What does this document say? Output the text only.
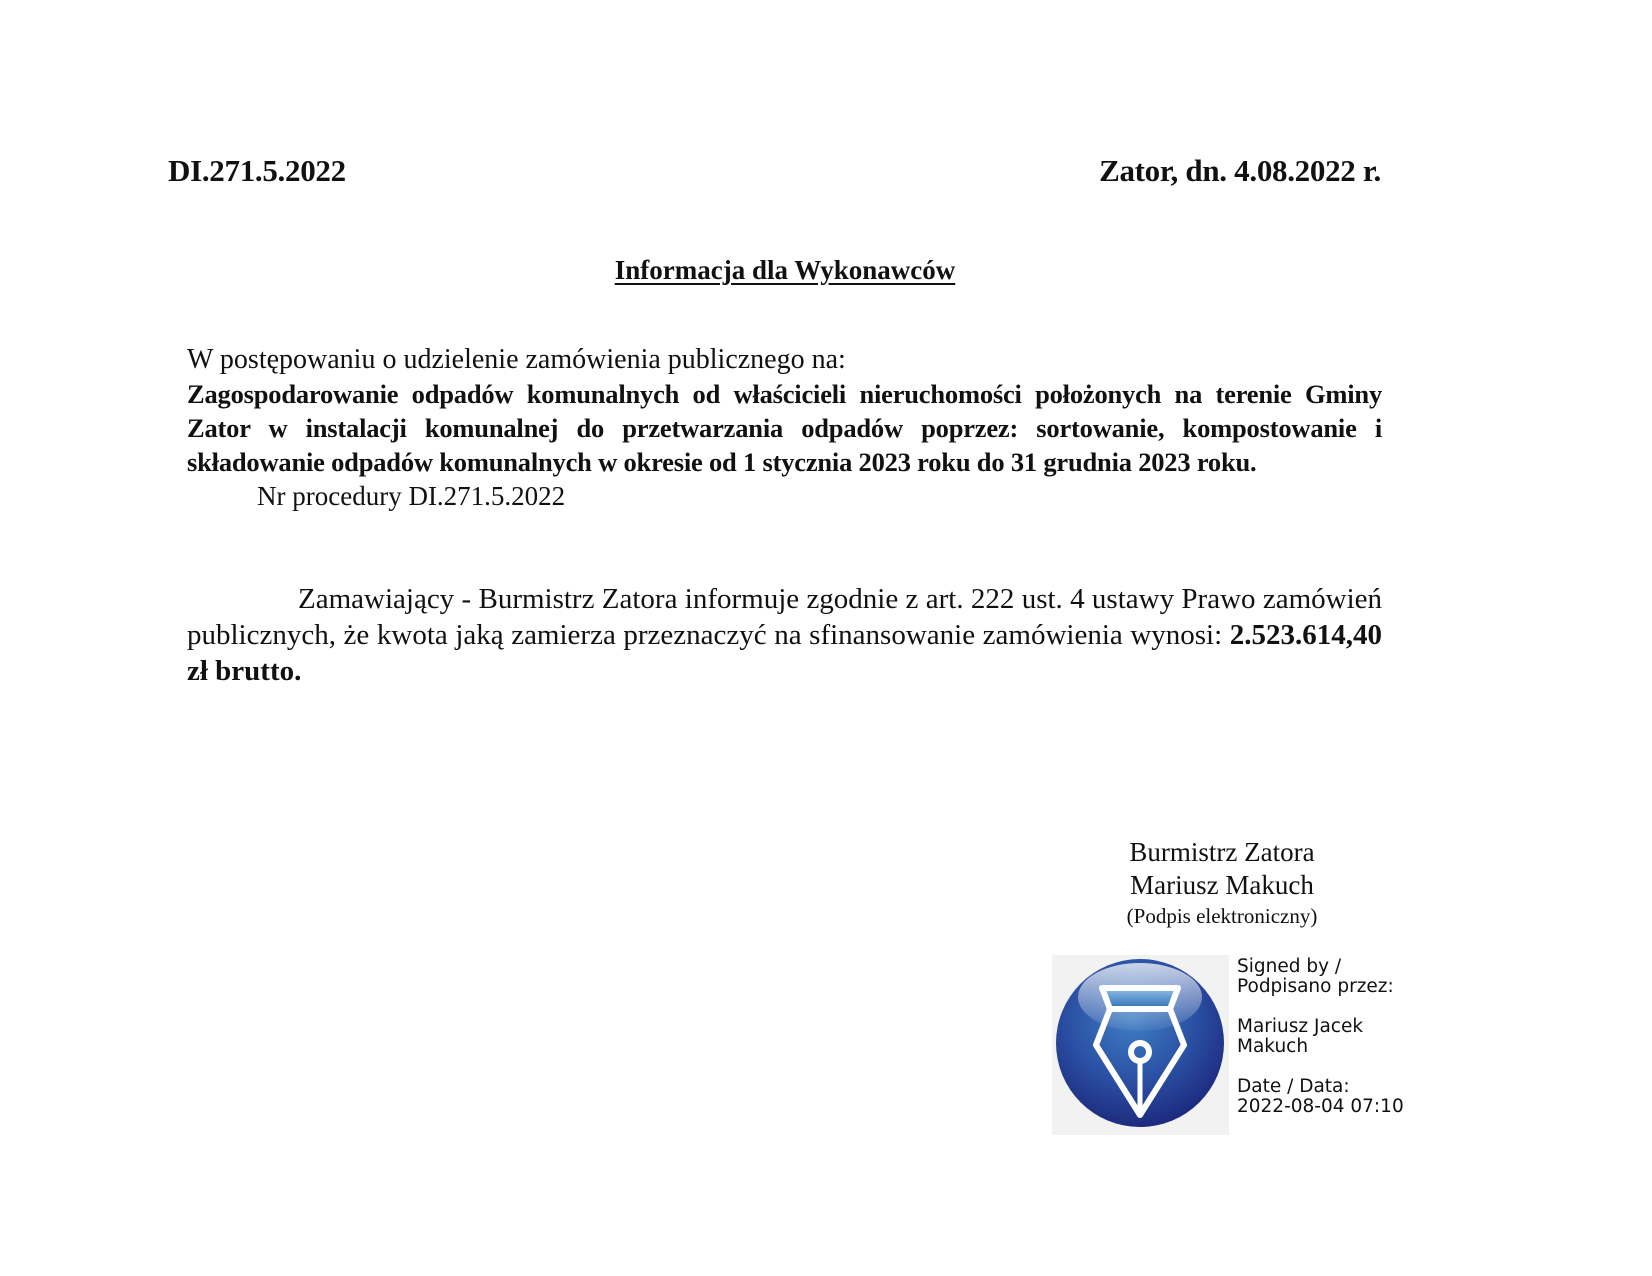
DI.271.5.2022	Zator, dn. 4.08.2022 r.
Informacja dla Wykonawców
W postępowaniu o udzielenie zamówienia publicznego na:
Zagospodarowanie odpadów komunalnych od właścicieli nieruchomości położonych na terenie Gminy Zator w instalacji komunalnej do przetwarzania odpadów poprzez: sortowanie, kompostowanie i składowanie odpadów komunalnych w okresie od 1 stycznia 2023 roku do 31 grudnia 2023 roku.
Nr procedury DI.271.5.2022
Zamawiający - Burmistrz Zatora informuje zgodnie z art. 222 ust. 4 ustawy Prawo zamówień publicznych, że kwota jaką zamierza przeznaczyć na sfinansowanie zamówienia wynosi: 2.523.614,40 zł brutto.
Burmistrz Zatora
Mariusz Makuch
(Podpis elektroniczny)
Signed by /
Podpisano przez:
Mariusz Jacek
Makuch
Date / Data:
2022-08-04 07:10
